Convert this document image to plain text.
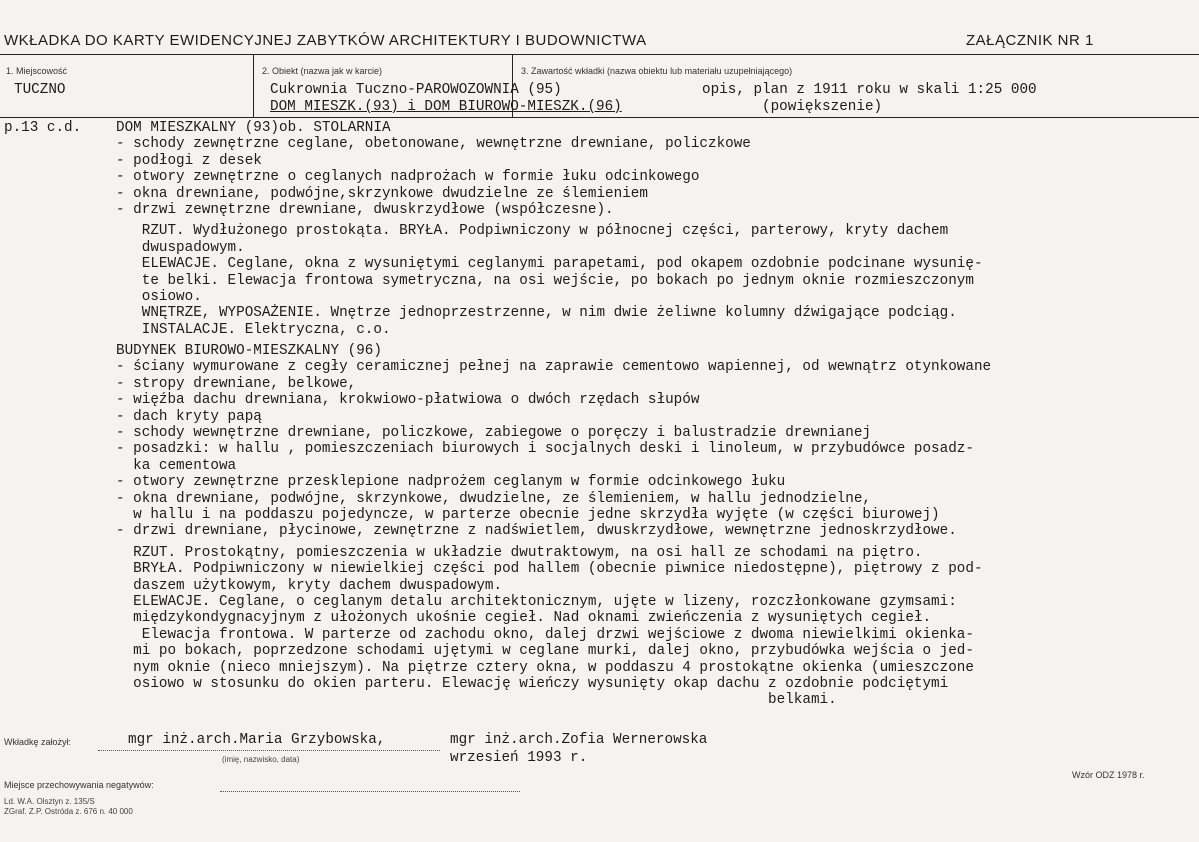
WKŁADKA DO KARTY EWIDENCYJNEJ ZABYTKÓW ARCHITEKTURY I BUDOWNICTWA	ZAŁĄCZNIK NR 1
1. Miejscowość
TUCZNO
2. Obiekt (nazwa jak w karcie)
Cukrownia Tuczno-PAROWOZOWNIA (95)
DOM MIESZK.(93) i DOM BIUROWO-MIESZK.(96)
3. Zawartość wkładki (nazwa obiektu lub materiału uzupełniającego)
opis, plan z 1911 roku w skali 1:25 000
(powiększenie)
p.13 c.d. DOM MIESZKALNY (93)ob. STOLARNIA
- schody zewnętrzne ceglane, obetonowane, wewnętrzne drewniane, policzkowe
- podłogi z desek
- otwory zewnętrzne o ceglanych nadprożach w formie łuku odcinkowego
- okna drewniane, podwójne,skrzynkowe dwudzielne ze ślemieniem
- drzwi zewnętrzne drewniane, dwuskrzydłowe (współczesne).
RZUT. Wydłużonego prostokąta. BRYŁA. Podpiwniczony w północnej części, parterowy, kryty dachem
dwuspadowym.
ELEWACJE. Ceglane, okna z wysuniętymi ceglanymi parapetami, pod okapem ozdobnie podcinane wysunię-
te belki. Elewacja frontowa symetryczna, na osi wejście, po bokach po jednym oknie rozmieszczonym
osiowo.
WNĘTRZE, WYPOSAŻENIE. Wnętrze jednoprzestrzenne, w nim dwie żeliwne kolumny dźwigające podciąg.
INSTALACJE. Elektryczna, c.o.
BUDYNEK BIUROWO-MIESZKALNY (96)
- ściany wymurowane z cegły ceramicznej pełnej na zaprawie cementowo wapiennej, od wewnątrz otynkowane
- stropy drewniane, belkowe,
- więźba dachu drewniana, krokwiowo-płatwiowa o dwóch rzędach słupów
- dach kryty papą
- schody wewnętrzne drewniane, policzkowe, zabiegowe o poręczy i balustradzie drewnianej
- posadzki: w hallu , pomieszczeniach biurowych i socjalnych deski i linoleum, w przybudówce posadz-
ka cementowa
- otwory zewnętrzne przesklepione nadprożem ceglanym w formie odcinkowego łuku
- okna drewniane, podwójne, skrzynkowe, dwudzielne, ze ślemieniem, w hallu jednodzielne,
w hallu i na poddaszu pojedyncze, w parterze obecnie jedne skrzydła wyjęte (w części biurowej)
- drzwi drewniane, płycinowe, zewnętrzne z nadświetlem, dwuskrzydłowe, wewnętrzne jednoskrzydłowe.
RZUT. Prostokątny, pomieszczenia w układzie dwutraktowym, na osi hall ze schodami na piętro.
BRYŁA. Podpiwniczony w niewielkiej części pod hallem (obecnie piwnice niedostępne), piętrowy z pod-
daszem użytkowym, kryty dachem dwuspadowym.
ELEWACJE. Ceglane, o ceglanym detalu architektonicznym, ujęte w lizeny, rozczłonkowane gzymsami:
międzykondygnacyjnym z ułożonych ukośnie cegieł. Nad oknami zwieńczenia z wysuniętych cegieł.
Elewacja frontowa. W parterze od zachodu okno, dalej drzwi wejściowe z dwoma niewielkimi okienka-
mi po bokach, poprzedzone schodami ujętymi w ceglane murki, dalej okno, przybudówka wejścia o jed-
nym oknie (nieco mniejszym). Na piętrze cztery okna, w poddaszu 4 prostokątne okienka (umieszczone
osiowo w stosunku do okien parteru. Elewację wieńczy wysunięty okap dachu z ozdobnie podciętymi
belkami.
Wkładkę założył:	mgr inż.arch.Maria Grzybowska,	mgr inż.arch.Zofia Wernerowska
wrzesień 1993 r.
(imię, nazwisko, data)
Miejsce przechowywania negatywów:
Wzór ODZ 1978 r.
Ld. W.A. Olsztyn z. 135/S
ZGraf. Z.P. Ostróda z. 676 n. 40 000
